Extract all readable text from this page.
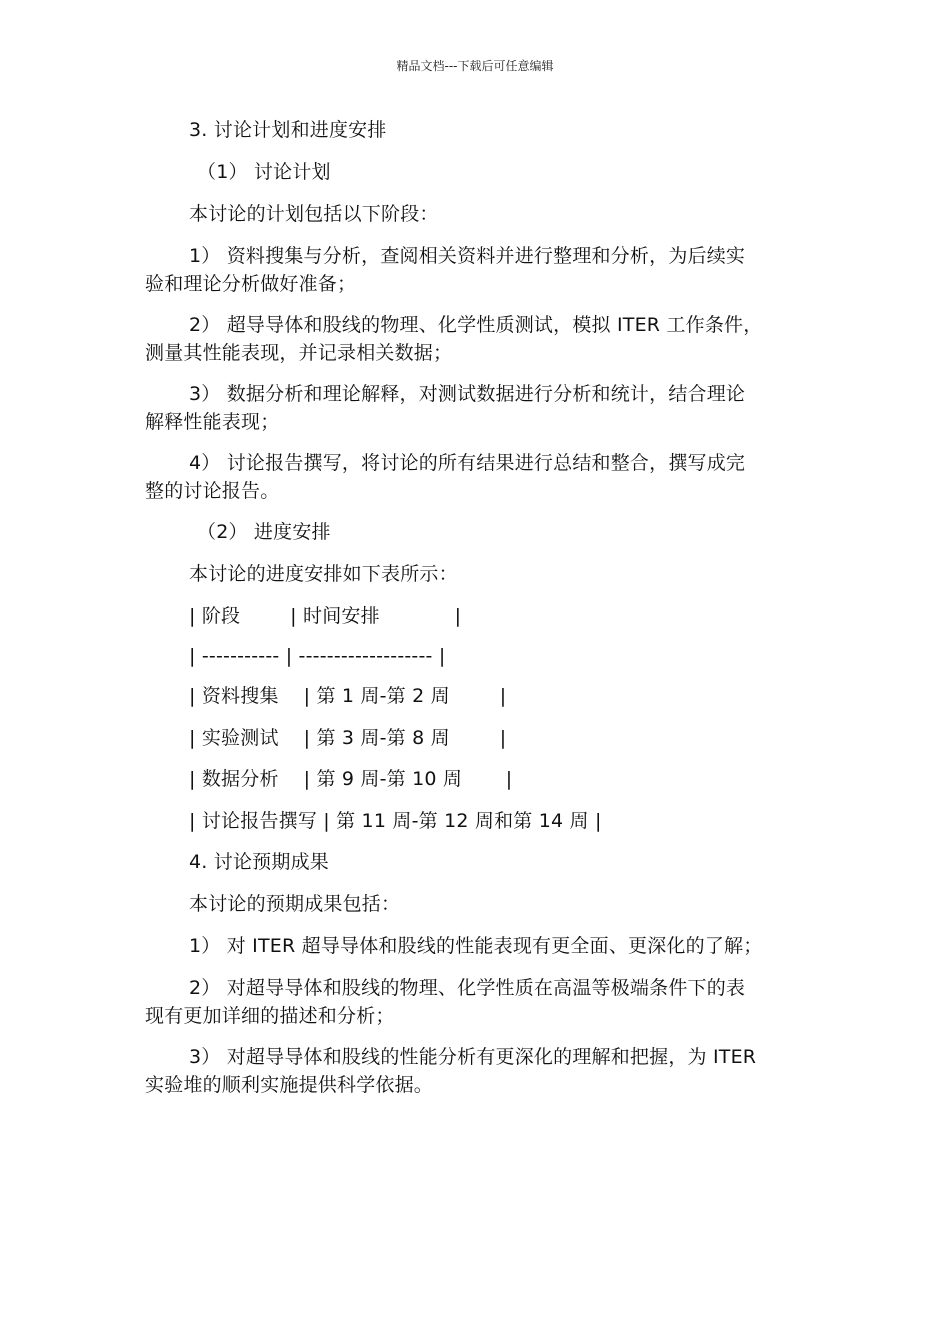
精品文档---下载后可任意编辑
3. 讨论计划和进度安排
（1） 讨论计划
本讨论的计划包括以下阶段：
1） 资料搜集与分析，查阅相关资料并进行整理和分析，为后续实
验和理论分析做好准备；
2） 超导导体和股线的物理、化学性质测试，模拟 ITER 工作条件，
测量其性能表现，并记录相关数据；
3） 数据分析和理论解释，对测试数据进行分析和统计，结合理论
解释性能表现；
4） 讨论报告撰写，将讨论的所有结果进行总结和整合，撰写成完
整的讨论报告。
（2） 进度安排
本讨论的进度安排如下表所示：
| 阶段        | 时间安排            |
| ----------- | ------------------- |
| 资料搜集    | 第 1 周-第 2 周        |
| 实验测试    | 第 3 周-第 8 周        |
| 数据分析    | 第 9 周-第 10 周       |
| 讨论报告撰写 | 第 11 周-第 12 周和第 14 周 |
4. 讨论预期成果
本讨论的预期成果包括：
1） 对 ITER 超导导体和股线的性能表现有更全面、更深化的了解；
2） 对超导导体和股线的物理、化学性质在高温等极端条件下的表
现有更加详细的描述和分析；
3） 对超导导体和股线的性能分析有更深化的理解和把握，为 ITER
实验堆的顺利实施提供科学依据。
